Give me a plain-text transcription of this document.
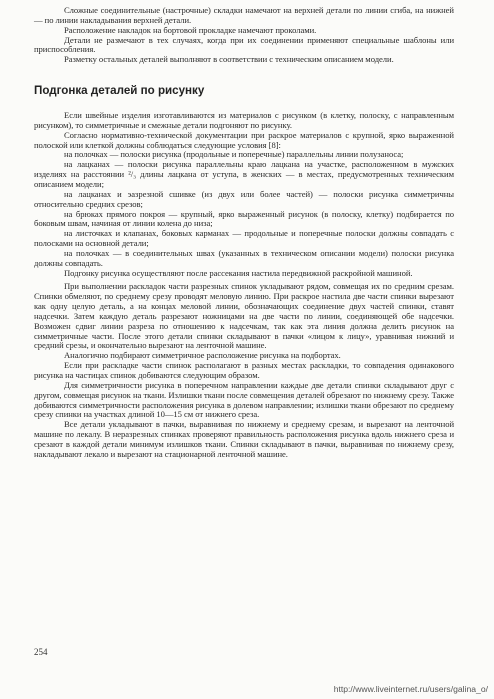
Сложные соединительные (настрочные) складки намечают на верхней детали по линии сгиба, на нижней — по линии накладывания верхней детали.

Расположение накладок на бортовой прокладке намечают проколами.

Детали не размечают в тех случаях, когда при их соединении применяют специальные шаблоны или приспособления.

Разметку остальных деталей выполняют в соответствии с техническим описанием модели.

Подгонка деталей по рисунку

Если швейные изделия изготавливаются из материалов с рисунком (в клетку, полоску, с направленным рисунком), то симметричные и смежные детали подгоняют по рисунку.

Согласно нормативно-технической документации при раскрое материалов с крупной, ярко выраженной полоской или клеткой должны соблюдаться следующие условия [8]:

на полочках — полоски рисунка (продольные и поперечные) параллельны линии полузаноса;

на лацканах — полоски рисунка параллельны краю лацкана на участке, расположенном в мужских изделиях на расстоянии ²/₃ длины лацкана от уступа, в женских — в местах, предусмотренных техническим описанием модели;

на лацканах и эазрезной сшивке (из двух или более частей) — полоски рисунка симметричны относительно средних срезов;

на брюках прямого покроя — крупный, ярко выраженный рисунок (в полоску, клетку) подбирается по боковым швам, начиная от линии колена до низа;

на листочках и клапанах, боковых карманах — продольные и поперечные полоски должны совпадать с полосками на основной детали;

на полочках — в соединительных швах (указанных в техническом описании модели) полоски рисунка должны совпадать.

Подгонку рисунка осуществляют после рассекания настила передвижной раскройной машиной.

При выполнении раскладок части разрезных спинок укладывают рядом, совмещая их по средним срезам. Спинки обмеляют, по среднему срезу проводят меловую линию. При раскрое настила две части спинки вырезают как одну целую деталь, а на концах меловой линии, обозначающих соединение двух частей спинки, ставят надсечки. Затем каждую деталь разрезают ножницами на две части по линии, соединяющей обе надсечки. Возможен сдвиг линии разреза по отношению к надсечкам, так как эта линия должна делить рисунок на симметричные части. После этого детали спинки складывают в пачки «лицом к лицу», уравнивая нижний и средний срезы, и окончательно вырезают на ленточной машине.

Аналогично подбирают симметричное расположение рисунка на подбортах.

Если при раскладке части спинок располагают в разных местах раскладки, то совпадения одинакового рисунка на частицах спинок добиваются следующим образом.

Для симметричности рисунка в поперечном направлении каждые две детали спинки складывают друг с другом, совмещая рисунок на ткани. Излишки ткани после совмещения деталей обрезают по нижнему срезу. Также добиваются симметричности расположения рисунка в долевом направлении; излишки ткани обрезают по среднему срезу спинки на участках длиной 10—15 см от нижнего среза.

Все детали укладывают в пачки, выравнивая по нижнему и среднему срезам, и вырезают на ленточной машине по лекалу. В неразрезных спинках проверяют правильность расположения рисунка вдоль нижнего среза и срезают в каждой детали минимум излишков ткани. Спинки складывают в пачки, выравнивая по нижнему срезу, накладывают лекало и вырезают на стационарной ленточной машине.

254
http://www.liveinternet.ru/users/galina_o/
